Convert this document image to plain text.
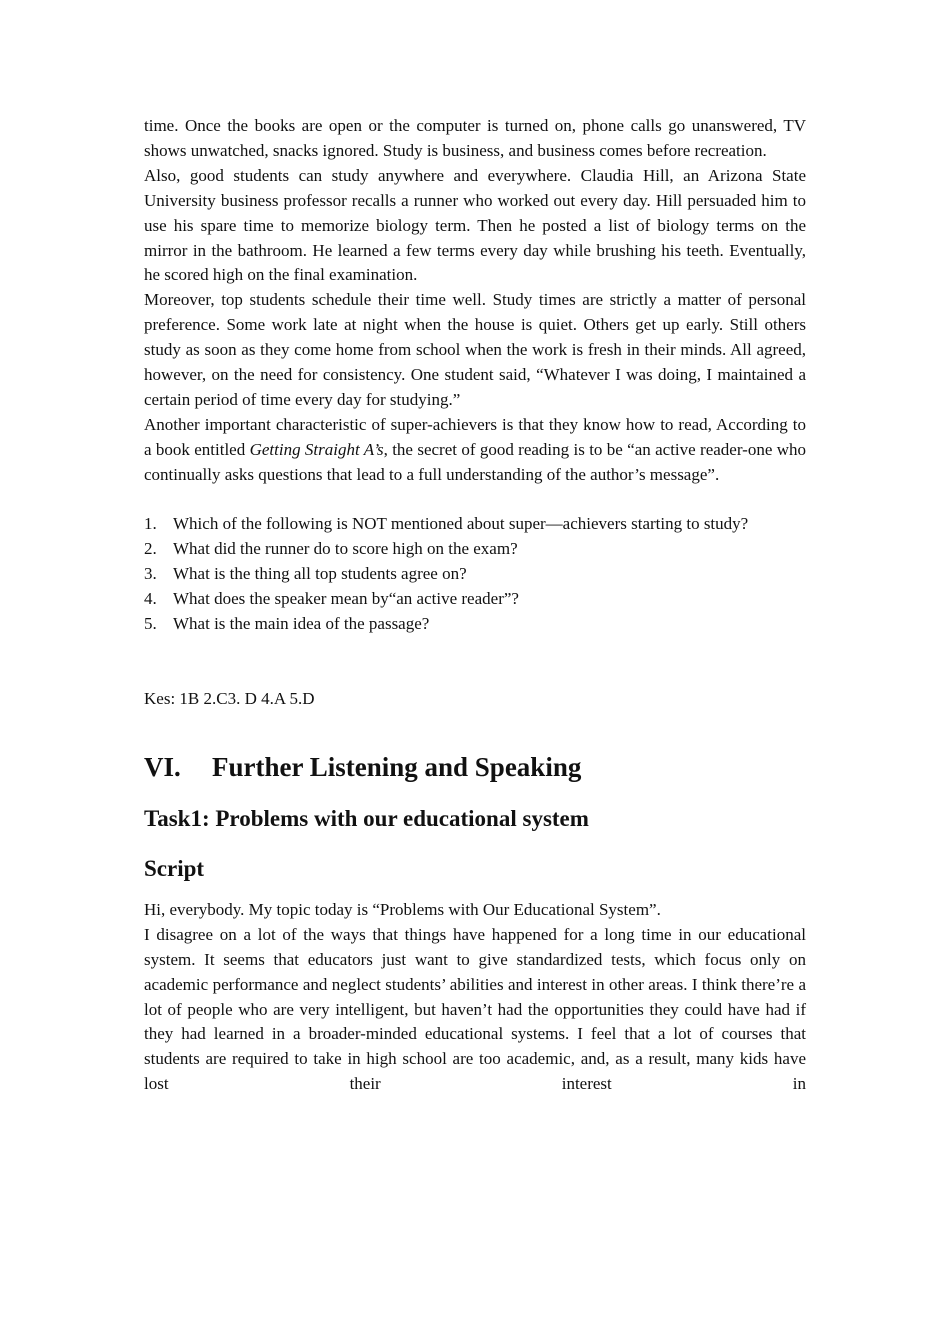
time. Once the books are open or the computer is turned on, phone calls go unanswered, TV shows unwatched, snacks ignored. Study is business, and business comes before recreation.

Also, good students can study anywhere and everywhere. Claudia Hill, an Arizona State University business professor recalls a runner who worked out every day. Hill persuaded him to use his spare time to memorize biology term. Then he posted a list of biology terms on the mirror in the bathroom. He learned a few terms every day while brushing his teeth. Eventually, he scored high on the final examination.

Moreover, top students schedule their time well. Study times are strictly a matter of personal preference. Some work late at night when the house is quiet. Others get up early. Still others study as soon as they come home from school when the work is fresh in their minds. All agreed, however, on the need for consistency. One student said, “Whatever I was doing, I maintained a certain period of time every day for studying.”

Another important characteristic of super-achievers is that they know how to read, According to a book entitled Getting Straight A’s, the secret of good reading is to be “an active reader-one who continually asks questions that lead to a full understanding of the author’s message”.

1. Which of the following is NOT mentioned about super—achievers starting to study?
2. What did the runner do to score high on the exam?
3. What is the thing all top students agree on?
4. What does the speaker mean by“an active reader”?
5. What is the main idea of the passage?

Kes: 1B 2.C3. D 4.A 5.D

VI.	Further Listening and Speaking
Task1: Problems with our educational system
Script

Hi, everybody. My topic today is “Problems with Our Educational System”.

I disagree on a lot of the ways that things have happened for a long time in our educational system. It seems that educators just want to give standardized tests, which focus only on academic performance and neglect students’ abilities and interest in other areas. I think there’re a lot of people who are very intelligent, but haven’t had the opportunities they could have had if they had learned in a broader-minded educational systems. I feel that a lot of courses that students are required to take in high school are too academic, and, as a result, many kids have lost their interest in
